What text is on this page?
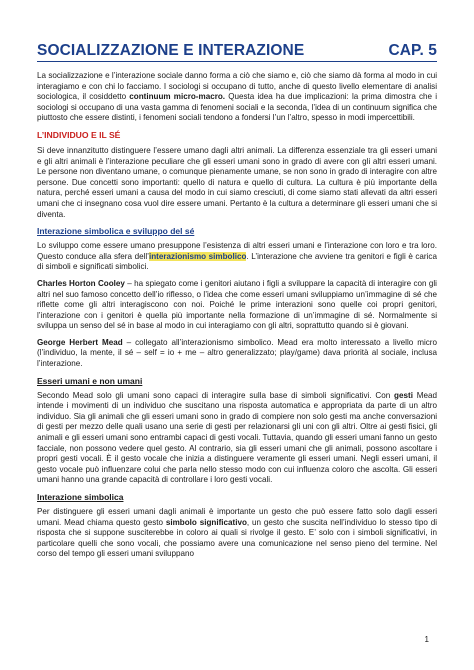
SOCIALIZZAZIONE E INTERAZIONE	CAP. 5

La socializzazione e l’interazione sociale danno forma a ciò che siamo e, ciò che siamo dà forma al modo in cui interagiamo e con chi lo facciamo. I sociologi si occupano di tutto, anche di questo livello elementare di analisi sociologica, il cosiddetto continuum micro-macro. Questa idea ha due implicazioni: la prima dimostra che i sociologi si occupano di una vasta gamma di fenomeni sociali e la seconda, l’idea di un continuum significa che piuttosto che essere distinti, i fenomeni sociali tendono a fondersi l’un l’altro, spesso in modi impercettibili.

L’INDIVIDUO E IL SÉ

Si deve innanzitutto distinguere l’essere umano dagli altri animali. La differenza essenziale tra gli esseri umani e gli altri animali è l’interazione peculiare che gli esseri umani sono in grado di avere con gli altri esseri umani. Le persone non diventano umane, o comunque pienamente umane, se non sono in grado di interagire con altre persone. Due concetti sono importanti: quello di natura e quello di cultura. La cultura è più importante della natura, perché esseri umani a causa del modo in cui siamo cresciuti, di come siamo stati allevati da altri esseri umani che ci insegnano cosa vuol dire essere umani. Pertanto è la cultura a determinare gli esseri umani che si diventa.

Interazione simbolica e sviluppo del sé

Lo sviluppo come essere umano presuppone l’esistenza di altri esseri umani e l’interazione con loro e tra loro. Questo conduce alla sfera dell’interazionismo simbolico. L’interazione che avviene tra genitori e figli è carica di simboli e significati simbolici.

Charles Horton Cooley – ha spiegato come i genitori aiutano i figli a sviluppare la capacità di interagire con gli altri nel suo famoso concetto dell’io riflesso, o l’idea che come esseri umani sviluppiamo un’immagine di sé che riflette come gli altri interagiscono con noi. Poiché le prime interazioni sono quelle coi propri genitori, l’interazione con i genitori è quella più importante nella formazione di un’immagine di sé. Normalmente si sviluppa un senso del sé in base al modo in cui interagiamo con gli altri, soprattutto quando si è giovani.

George Herbert Mead – collegato all’interazionismo simbolico. Mead era molto interessato a livello micro (l’individuo, la mente, il sé – self = io + me – altro generalizzato; play/game) dava priorità al sociale, inclusa l’interazione.

Esseri umani e non umani

Secondo Mead solo gli umani sono capaci di interagire sulla base di simboli significativi. Con gesti Mead intende i movimenti di un individuo che suscitano una risposta automatica e appropriata da parte di un altro individuo. Sia gli animali che gli esseri umani sono in grado di compiere non solo gesti ma anche conversazioni di gesti per mezzo delle quali usano una serie di gesti per relazionarsi gli uni con gli altri. Oltre ai gesti fisici, gli animali e gli esseri umani sono entrambi capaci di gesti vocali. Tuttavia, quando gli esseri umani fanno un gesto facciale, non possono vedere quel gesto. Al contrario, sia gli esseri umani che gli animali, possono ascoltare i propri gesti vocali. È il gesto vocale che inizia a distinguere veramente gli esseri umani. Negli esseri umani, il gesto vocale può influenzare colui che parla nello stesso modo con cui influenza coloro che ascolta. Gli esseri umani hanno una grande capacità di controllare i loro gesti vocali.

Interazione simbolica

Per distinguere gli esseri umani dagli animali è importante un gesto che può essere fatto solo dagli esseri umani. Mead chiama questo gesto simbolo significativo, un gesto che suscita nell’individuo lo stesso tipo di risposta che si suppone susciterebbe in coloro ai quali si rivolge il gesto. E’ solo con i simboli significativi, in particolare quelli che sono vocali, che possiamo avere una comunicazione nel senso pieno del termine. Nel corso del tempo gli esseri umani sviluppano

1
